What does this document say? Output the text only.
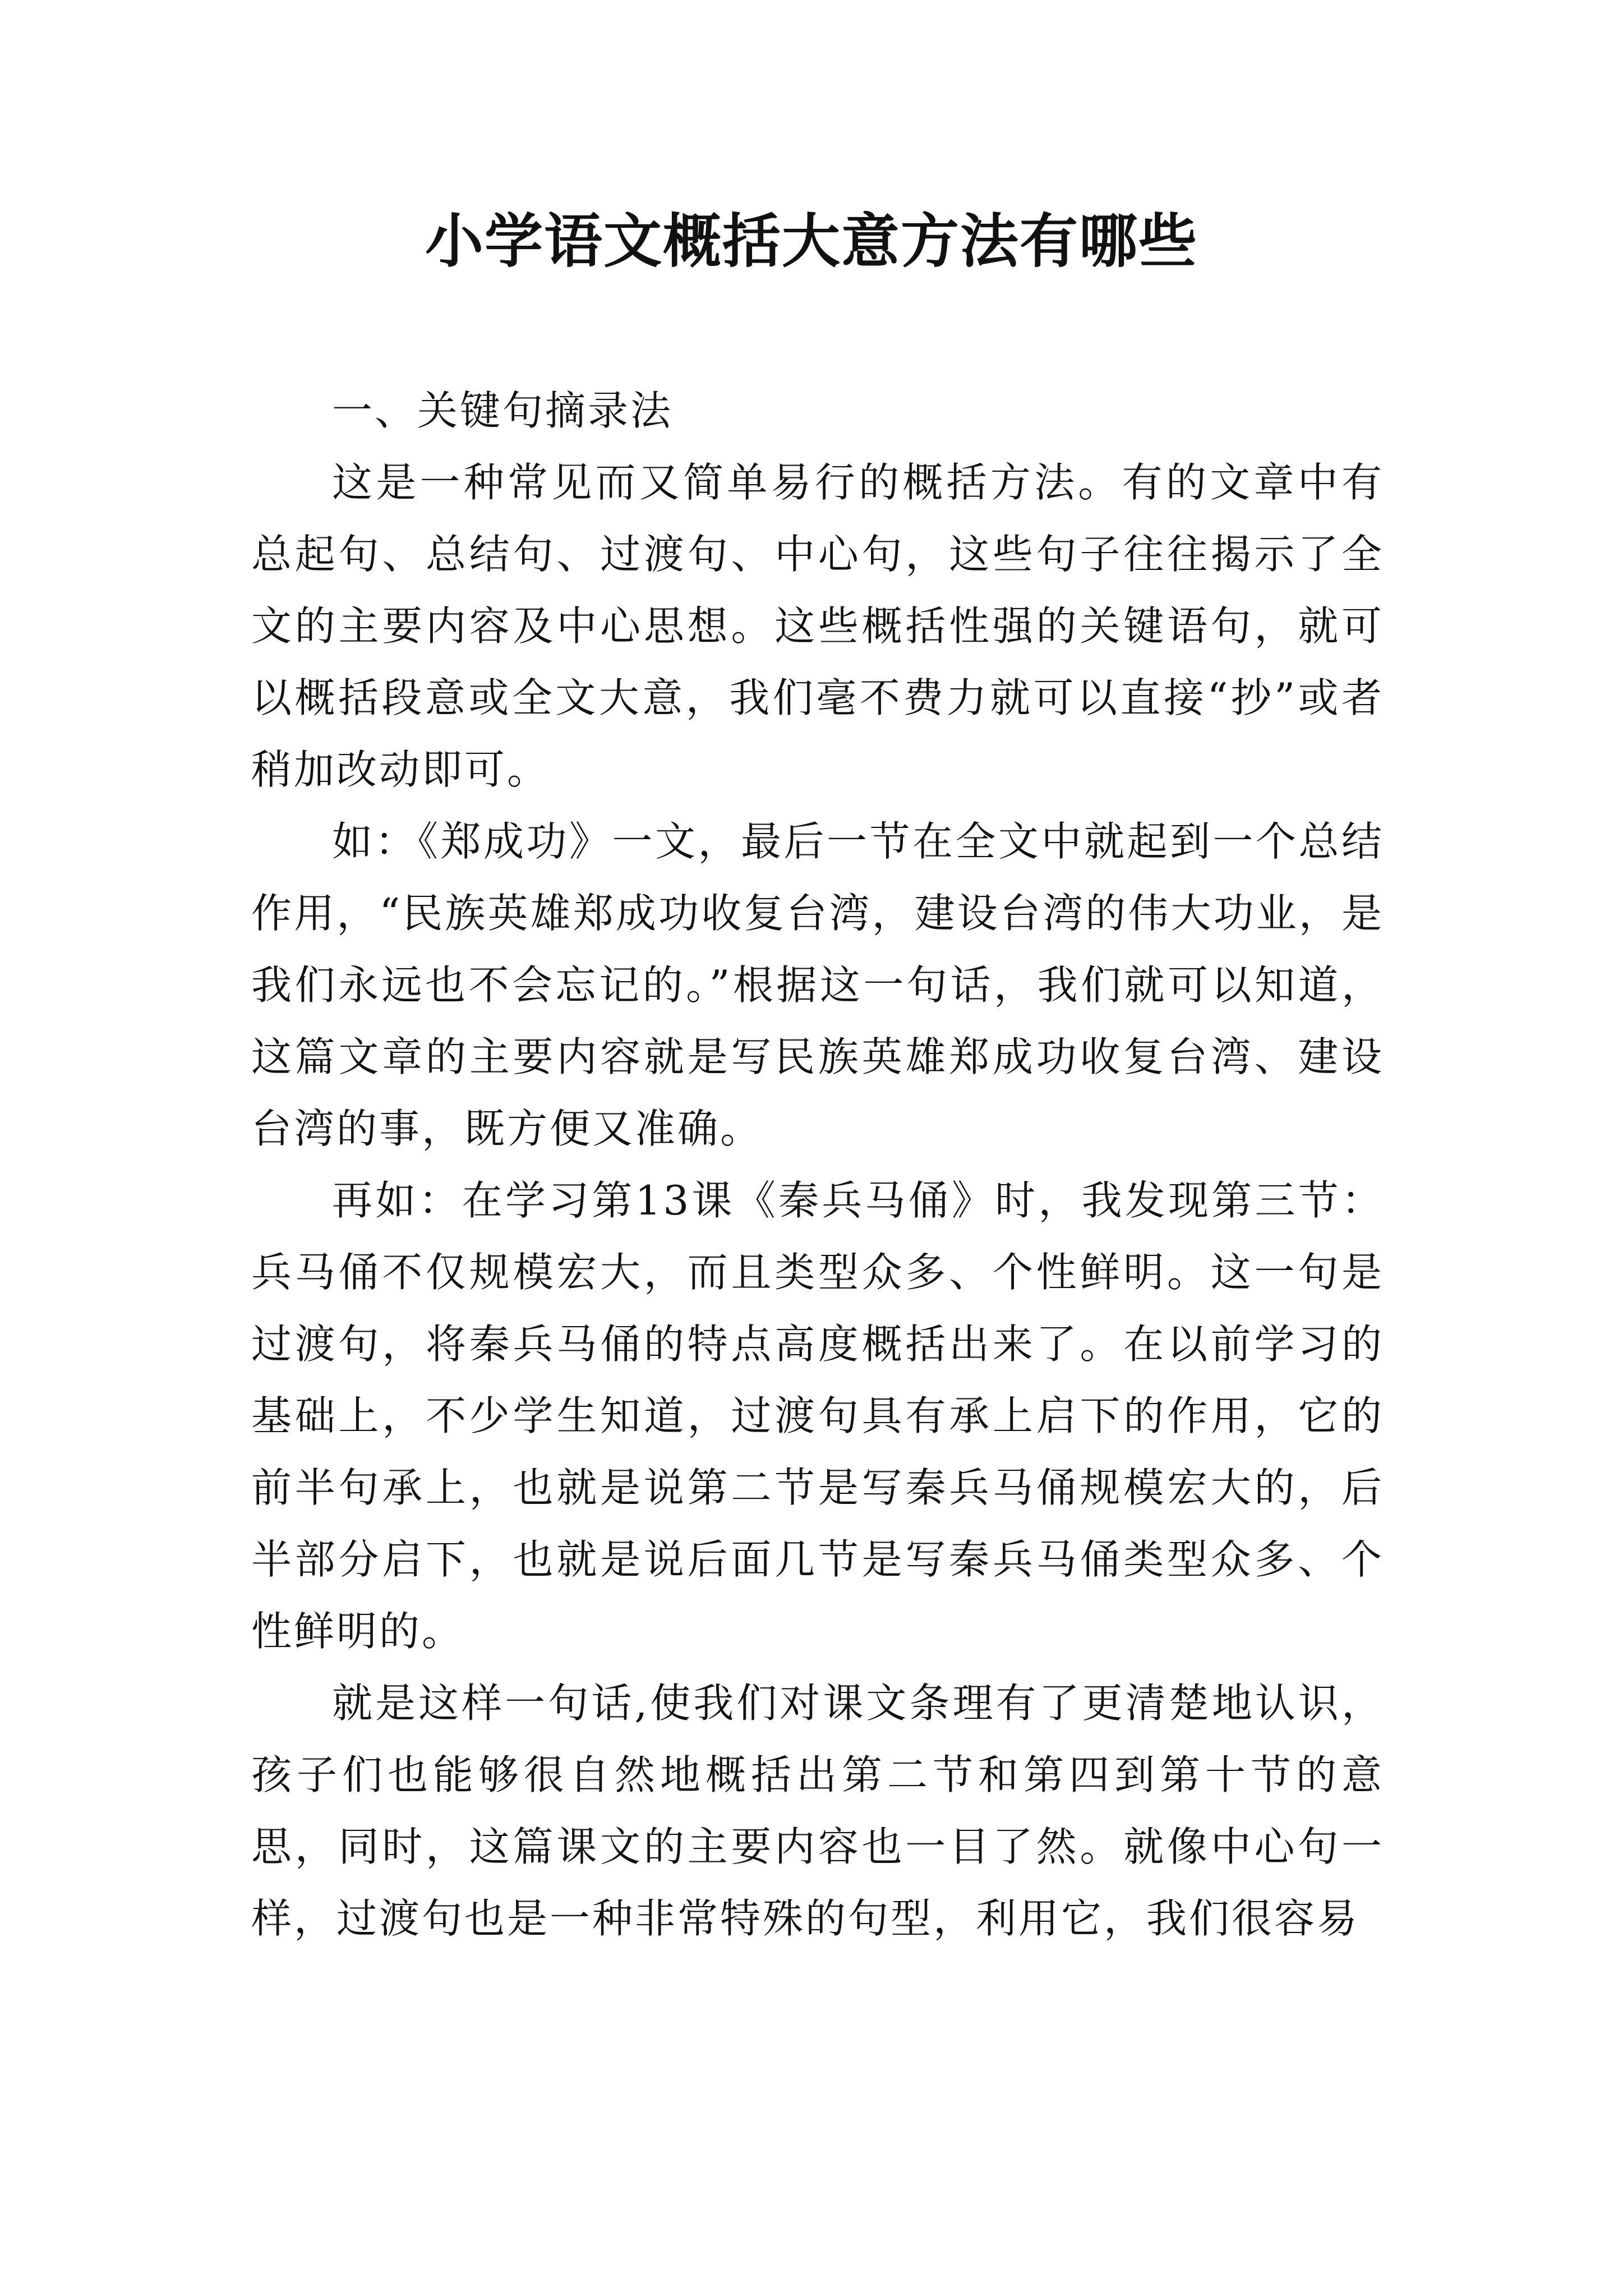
小学语文概括大意方法有哪些

一、关键句摘录法

这是一种常见而又简单易行的概括方法。有的文章中有总起句、总结句、过渡句、中心句，这些句子往往揭示了全文的主要内容及中心思想。这些概括性强的关键语句，就可以概括段意或全文大意，我们毫不费力就可以直接“抄”或者稍加改动即可。

如：《郑成功》一文，最后一节在全文中就起到一个总结作用，“民族英雄郑成功收复台湾，建设台湾的伟大功业，是我们永远也不会忘记的。”根据这一句话，我们就可以知道，这篇文章的主要内容就是写民族英雄郑成功收复台湾、建设台湾的事，既方便又准确。

再如：在学习第13课《秦兵马俑》时，我发现第三节：兵马俑不仅规模宏大，而且类型众多、个性鲜明。这一句是过渡句，将秦兵马俑的特点高度概括出来了。在以前学习的基础上，不少学生知道，过渡句具有承上启下的作用，它的前半句承上，也就是说第二节是写秦兵马俑规模宏大的，后半部分启下，也就是说后面几节是写秦兵马俑类型众多、个性鲜明的。

就是这样一句话,使我们对课文条理有了更清楚地认识，孩子们也能够很自然地概括出第二节和第四到第十节的意思，同时，这篇课文的主要内容也一目了然。就像中心句一样，过渡句也是一种非常特殊的句型，利用它，我们很容易
